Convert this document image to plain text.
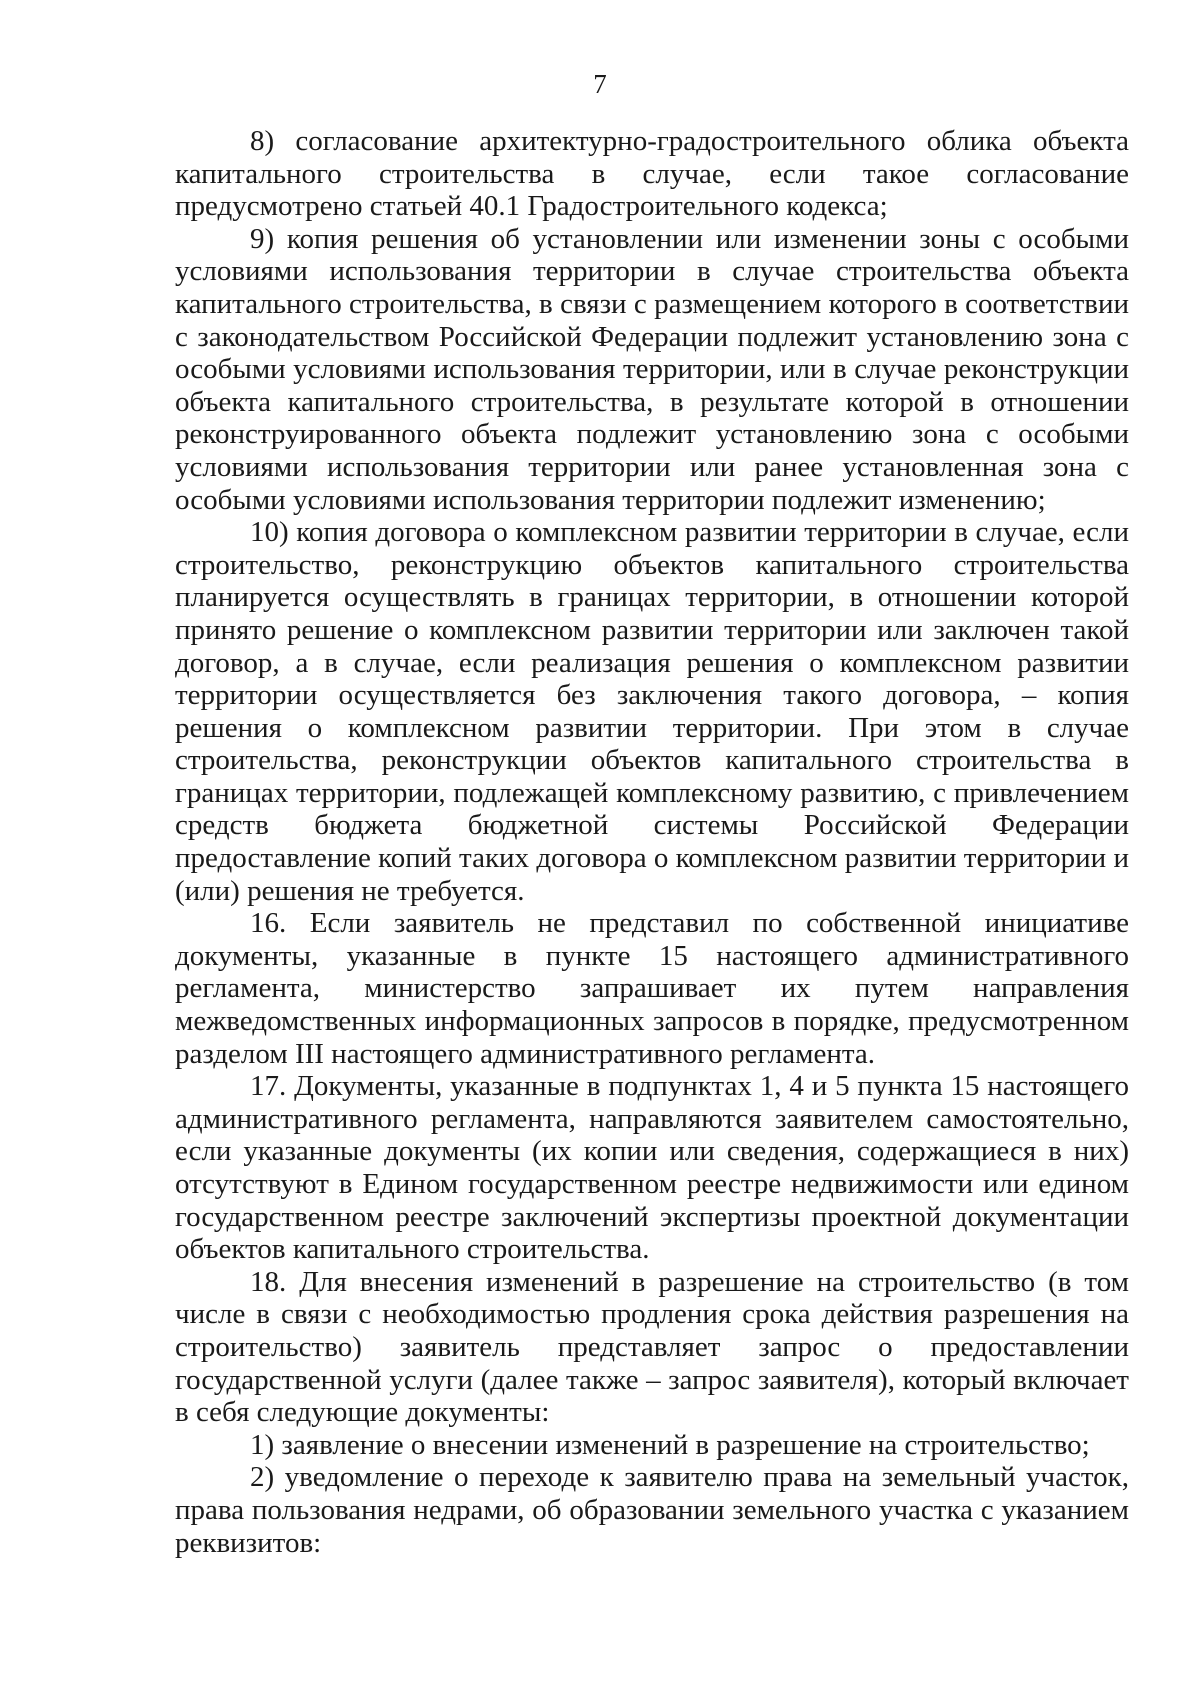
7

8) согласование архитектурно-градостроительного облика объекта капитального строительства в случае, если такое согласование предусмотрено статьей 40.1 Градостроительного кодекса;

9) копия решения об установлении или изменении зоны с особыми условиями использования территории в случае строительства объекта капитального строительства, в связи с размещением которого в соответствии с законодательством Российской Федерации подлежит установлению зона с особыми условиями использования территории, или в случае реконструкции объекта капитального строительства, в результате которой в отношении реконструированного объекта подлежит установлению зона с особыми условиями использования территории или ранее установленная зона с особыми условиями использования территории подлежит изменению;

10) копия договора о комплексном развитии территории в случае, если строительство, реконструкцию объектов капитального строительства планируется осуществлять в границах территории, в отношении которой принято решение о комплексном развитии территории или заключен такой договор, а в случае, если реализация решения о комплексном развитии территории осуществляется без заключения такого договора, – копия решения о комплексном развитии территории. При этом в случае строительства, реконструкции объектов капитального строительства в границах территории, подлежащей комплексному развитию, с привлечением средств бюджета бюджетной системы Российской Федерации предоставление копий таких договора о комплексном развитии территории и (или) решения не требуется.

16. Если заявитель не представил по собственной инициативе документы, указанные в пункте 15 настоящего административного регламента, министерство запрашивает их путем направления межведомственных информационных запросов в порядке, предусмотренном разделом III настоящего административного регламента.

17. Документы, указанные в подпунктах 1, 4 и 5 пункта 15 настоящего административного регламента, направляются заявителем самостоятельно, если указанные документы (их копии или сведения, содержащиеся в них) отсутствуют в Едином государственном реестре недвижимости или едином государственном реестре заключений экспертизы проектной документации объектов капитального строительства.

18. Для внесения изменений в разрешение на строительство (в том числе в связи с необходимостью продления срока действия разрешения на строительство) заявитель представляет запрос о предоставлении государственной услуги (далее также – запрос заявителя), который включает в себя следующие документы:

1) заявление о внесении изменений в разрешение на строительство;

2) уведомление о переходе к заявителю права на земельный участок, права пользования недрами, об образовании земельного участка с указанием реквизитов:
